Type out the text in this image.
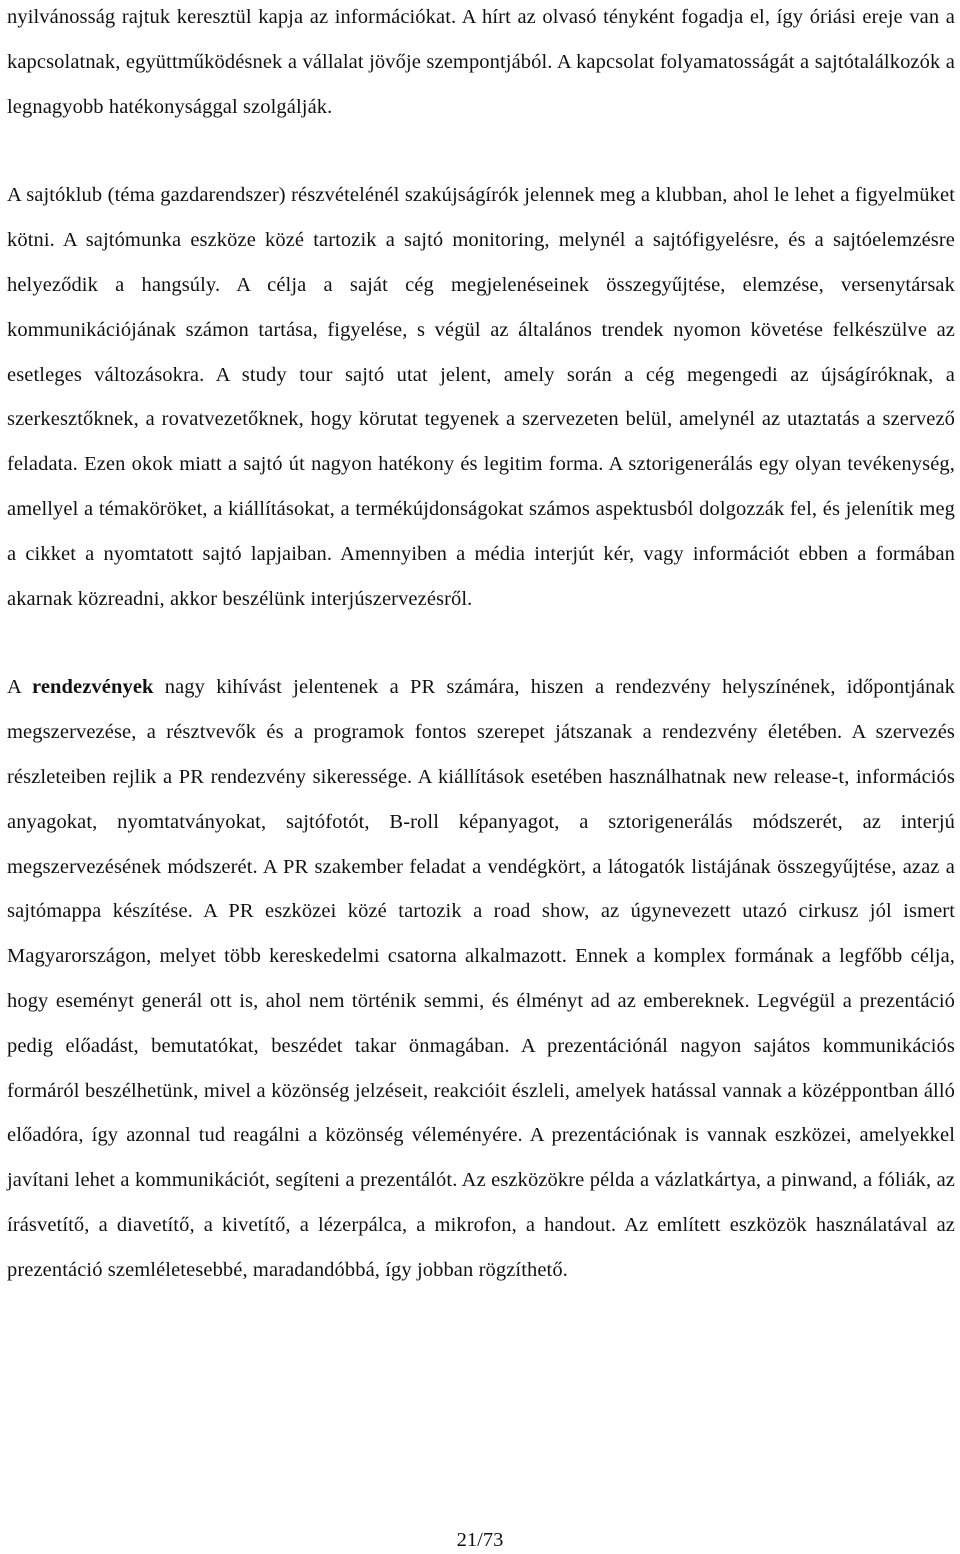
nyilvánosság rajtuk keresztül kapja az információkat. A hírt az olvasó tényként fogadja el, így óriási ereje van a kapcsolatnak, együttműködésnek a vállalat jövője szempontjából. A kapcsolat folyamatosságát a sajtótalálkozók a legnagyobb hatékonysággal szolgálják.

A sajtóklub (téma gazdarendszer) részvételénél szakújságírók jelennek meg a klubban, ahol le lehet a figyelmüket kötni. A sajtómunka eszköze közé tartozik a sajtó monitoring, melynél a sajtófigyelésre, és a sajtóelemzésre helyeződik a hangsúly. A célja a saját cég megjelenéseinek összegyűjtése, elemzése, versenytársak kommunikációjának számon tartása, figyelése, s végül az általános trendek nyomon követése felkészülve az esetleges változásokra. A study tour sajtó utat jelent, amely során a cég megengedi az újságíróknak, a szerkesztőknek, a rovatvezetőknek, hogy körutat tegyenek a szervezeten belül, amelynél az utaztatás a szervező feladata. Ezen okok miatt a sajtó út nagyon hatékony és legitim forma. A sztorigenerálás egy olyan tevékenység, amellyel a témaköröket, a kiállításokat, a termékújdonságokat számos aspektusból dolgozzák fel, és jelenítik meg a cikket a nyomtatott sajtó lapjaiban. Amennyiben a média interjút kér, vagy információt ebben a formában akarnak közreadni, akkor beszélünk interjúszervezésről.

A rendezvények nagy kihívást jelentenek a PR számára, hiszen a rendezvény helyszínének, időpontjának megszervezése, a résztvevők és a programok fontos szerepet játszanak a rendezvény életében. A szervezés részleteiben rejlik a PR rendezvény sikeressége. A kiállítások esetében használhatnak new release-t, információs anyagokat, nyomtatványokat, sajtófotót, B-roll képanyagot, a sztorigenerálás módszerét, az interjú megszervezésének módszerét. A PR szakember feladat a vendégkört, a látogatók listájának összegyűjtése, azaz a sajtómappa készítése. A PR eszközei közé tartozik a road show, az úgynevezett utazó cirkusz jól ismert Magyarországon, melyet több kereskedelmi csatorna alkalmazott. Ennek a komplex formának a legfőbb célja, hogy eseményt generál ott is, ahol nem történik semmi, és élményt ad az embereknek. Legvégül a prezentáció pedig előadást, bemutatókat, beszédet takar önmagában. A prezentációnál nagyon sajátos kommunikációs formáról beszélhetünk, mivel a közönség jelzéseit, reakcióit észleli, amelyek hatással vannak a középpontban álló előadóra, így azonnal tud reagálni a közönség véleményére. A prezentációnak is vannak eszközei, amelyekkel javítani lehet a kommunikációt, segíteni a prezentálót. Az eszközökre példa a vázlatkártya, a pinwand, a fóliák, az írásvetítő, a diavetítő, a kivetítő, a lézerpálca, a mikrofon, a handout. Az említett eszközök használatával az prezentáció szemléletesebbé, maradandóbbá, így jobban rögzíthető.

21/73
